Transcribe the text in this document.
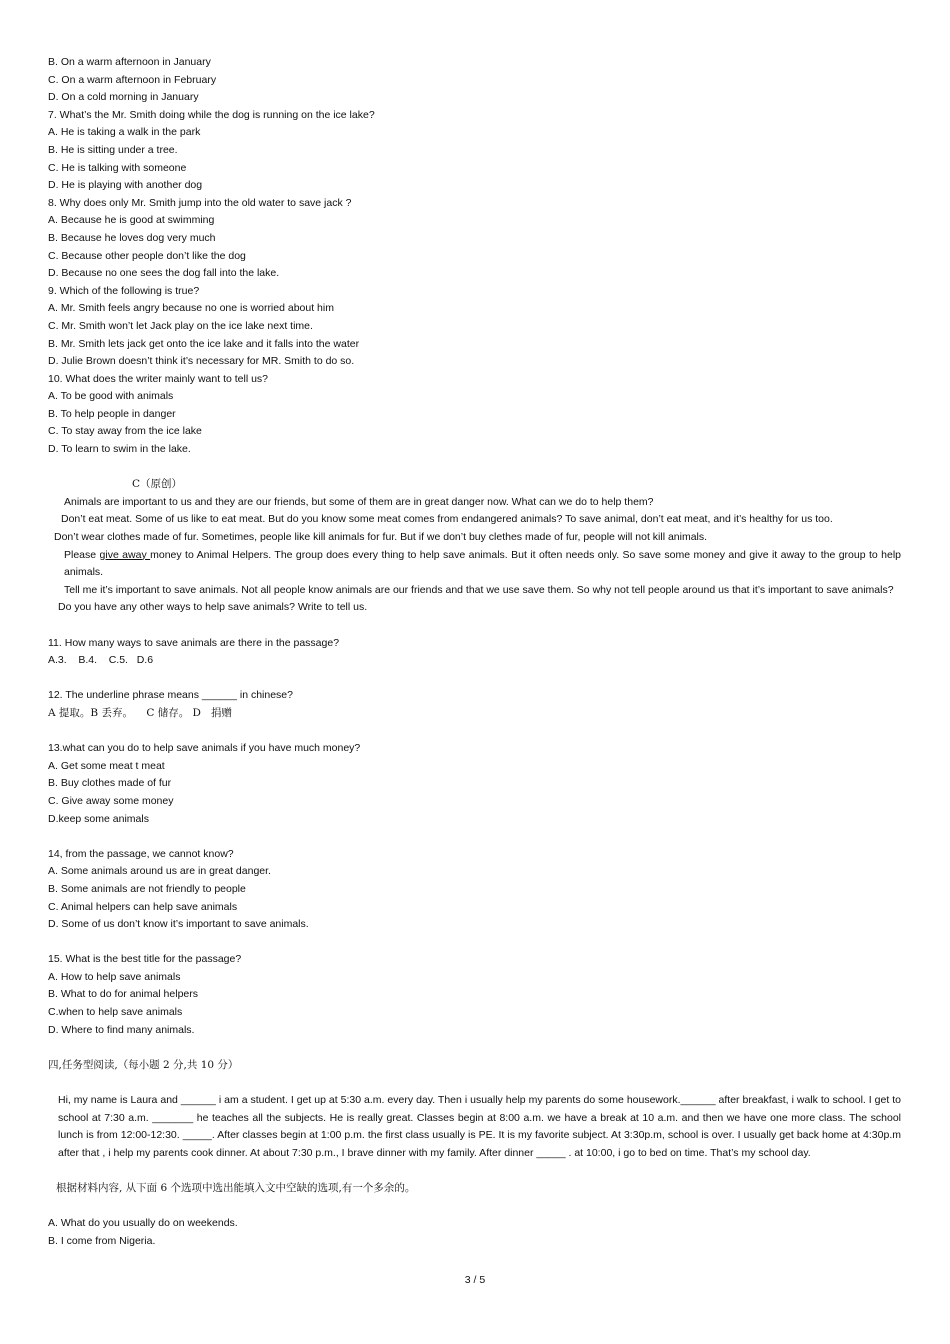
B. On a warm afternoon in January
C. On a warm afternoon in February
D. On a cold morning in January
7. What’s the Mr. Smith doing while the dog is running on the ice lake?
A. He is taking a walk in the park
B. He is sitting under a tree.
C. He is talking with someone
D. He is playing with another dog
8. Why does only Mr. Smith jump into the old water to save jack ?
A. Because he is good at swimming
B. Because he loves dog very much
C. Because other people don’t like the dog
D. Because no one sees the dog fall into the lake.
9. Which of the following is true?
A. Mr. Smith feels angry because no one is worried about him
C. Mr. Smith won’t let Jack play on the ice lake next time.
B. Mr. Smith lets jack get onto the ice lake and it falls into the water
D. Julie Brown doesn’t think it’s necessary for MR. Smith to do so.
10. What does the writer mainly want to tell us?
A. To be good with animals
B. To help people in danger
C. To stay away from the ice lake
D. To learn to swim in the lake.
C（原创）
Animals are important to us and they are our friends, but some of them are in great danger now. What can we do to help them?
Don’t eat meat. Some of us like to eat meat. But do you know some meat comes from endangered animals? To save animal, don’t eat meat, and it’s healthy for us too.
Don’t wear clothes made of fur. Sometimes, people like kill animals for fur. But if we don’t buy clethes made of fur, people will not kill animals.
Please give away money to Animal Helpers. The group does every thing to help save animals. But it often needs only. So save some money and give it away to the group to help animals.
Tell me it’s important to save animals. Not all people know animals are our friends and that we use save them. So why not tell people around us that it’s important to save animals?
Do you have any other ways to help save animals? Write to tell us.
11. How many ways to save animals are there in the passage?
A.3.    B.4.    C.5.   D.6
12. The underline phrase means ______ in chinese?
A 提取。B 丢弃。    C 储存。 D   捐赠
13.what can you do to help save animals if you have much money?
A. Get some meat t meat
B. Buy clothes made of fur
C. Give away some money
D.keep some animals
14, from the passage, we cannot know?
A. Some animals around us are in great danger.
B. Some animals are not friendly to people
C. Animal helpers can help save animals
D. Some of us don’t know it’s important to save animals.
15. What is the best title for the passage?
A. How to help save animals
B. What to do for animal helpers
C.when to help save animals
D. Where to find many animals.
四,任务型阅读,（每小题 2 分,共 10 分）
Hi, my name is Laura and ______ i am a student. I get up at 5:30 a.m. every day. Then i usually help my parents do some housework.______ after breakfast, i walk to school. I get to school at 7:30 a.m. _______ he teaches all the subjects. He is really great. Classes begin at 8:00 a.m. we have a break at 10 a.m. and then we have one more class. The school lunch is from 12:00-12:30. _____. After classes begin at 1:00 p.m. the first class usually is PE. It is my favorite subject. At 3:30p.m, school is over. I usually get back home at 4:30p.m after that , i help my parents cook dinner. At about 7:30 p.m., I brave dinner with my family. After dinner _____ . at 10:00, i go to bed on time. That’s my school day.
根据材料内容, 从下面 6 个选项中选出能填入文中空缺的选项,有一个多余的。
A. What do you usually do on weekends.
B. I come from Nigeria.
3 / 5
